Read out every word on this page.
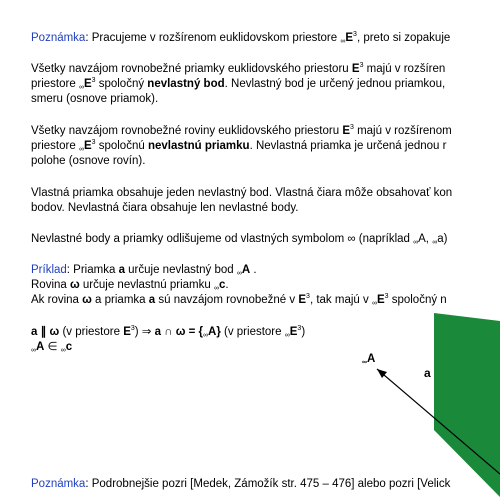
Poznámka: Pracujeme v rozšírenom euklidovskom priestore $_\infty E^3$, preto si zopakuje
Všetky navzájom rovnobežné priamky euklidovského priestoru $E^3$ majú v rozšíren
priestore $_\infty E^3$ spoločný nevlastný bod. Nevlastný bod je určený jednou priamkou,
smeru (osnove priamok).
Všetky navzájom rovnobežné roviny euklidovského priestoru $E^3$ majú v rozšírenom
priestore $_\infty E^3$ spoločnú nevlastnú priamku. Nevlastná priamka je určená jednou r
polohe (osnove rovín).
Vlastná priamka obsahuje jeden nevlastný bod. Vlastná čiara môže obsahovať kon
bodov. Nevlastná čiara obsahuje len nevlastné body.
Nevlastné body a priamky odlišujeme od vlastných symbolom ∞ (napríklad $_\infty$A, $_\infty$a)
Príklad: Priamka a určuje nevlastný bod $_\infty$A .
Rovina ω určuje nevlastnú priamku $_\infty$c.
Ak rovina ω a priamka a sú navzájom rovnobežné v $E^3$, tak majú v $_\infty E^3$ spoločný n
a ∥ ω (v priestore $E^3$) ⇒ a ∩ $\omega = \{_\infty A\}$ (v priestore $_\infty E^3$)
$_\infty$A ∈ $_\infty$c
$_\infty$A
a
Poznámka: Podrobnejšie pozri [Medek, Zámožík str. 475 – 476] alebo pozri [Velick
